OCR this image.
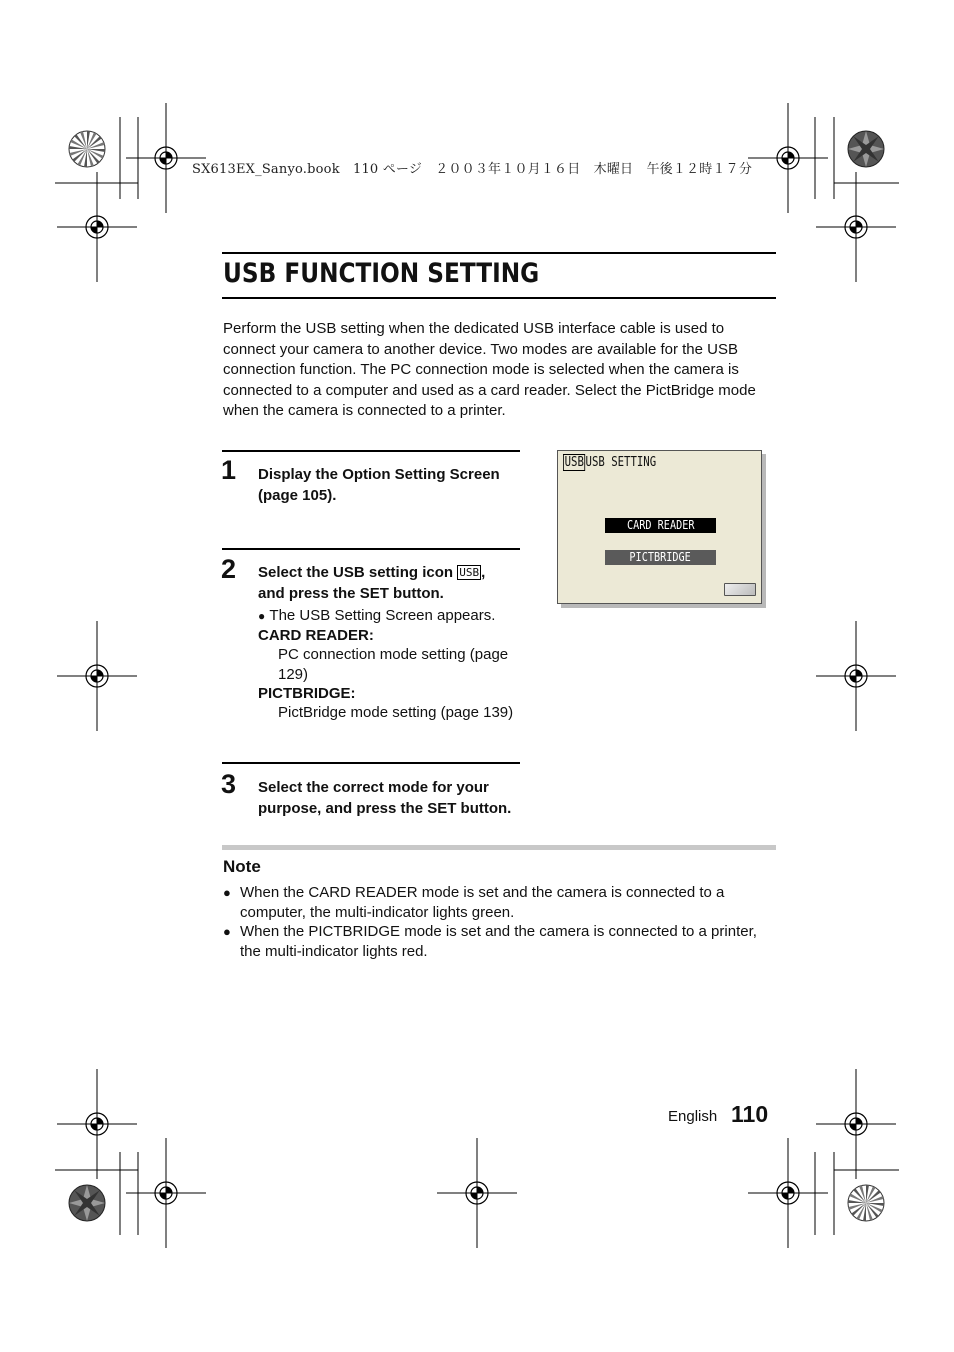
SX613EX_Sanyo.book　110 ページ　２００３年１０月１６日　木曜日　午後１２時１７分
USB FUNCTION SETTING
Perform the USB setting when the dedicated USB interface cable is used to connect your camera to another device. Two modes are available for the USB connection function. The PC connection mode is selected when the camera is connected to a computer and used as a card reader. Select the PictBridge mode when the camera is connected to a printer.
1 Display the Option Setting Screen (page 105).
2 Select the USB setting icon USB ,
and press the SET button.
● The USB Setting Screen appears.
CARD READER:
PC connection mode setting (page 129)
PICTBRIDGE:
PictBridge mode setting (page 139)
3 Select the correct mode for your purpose, and press the SET button.
USB USB SETTING
CARD READER
PICTBRIDGE
Note
● When the CARD READER mode is set and the camera is connected to a computer, the multi-indicator lights green.
● When the PICTBRIDGE mode is set and the camera is connected to a printer, the multi-indicator lights red.
English 110
